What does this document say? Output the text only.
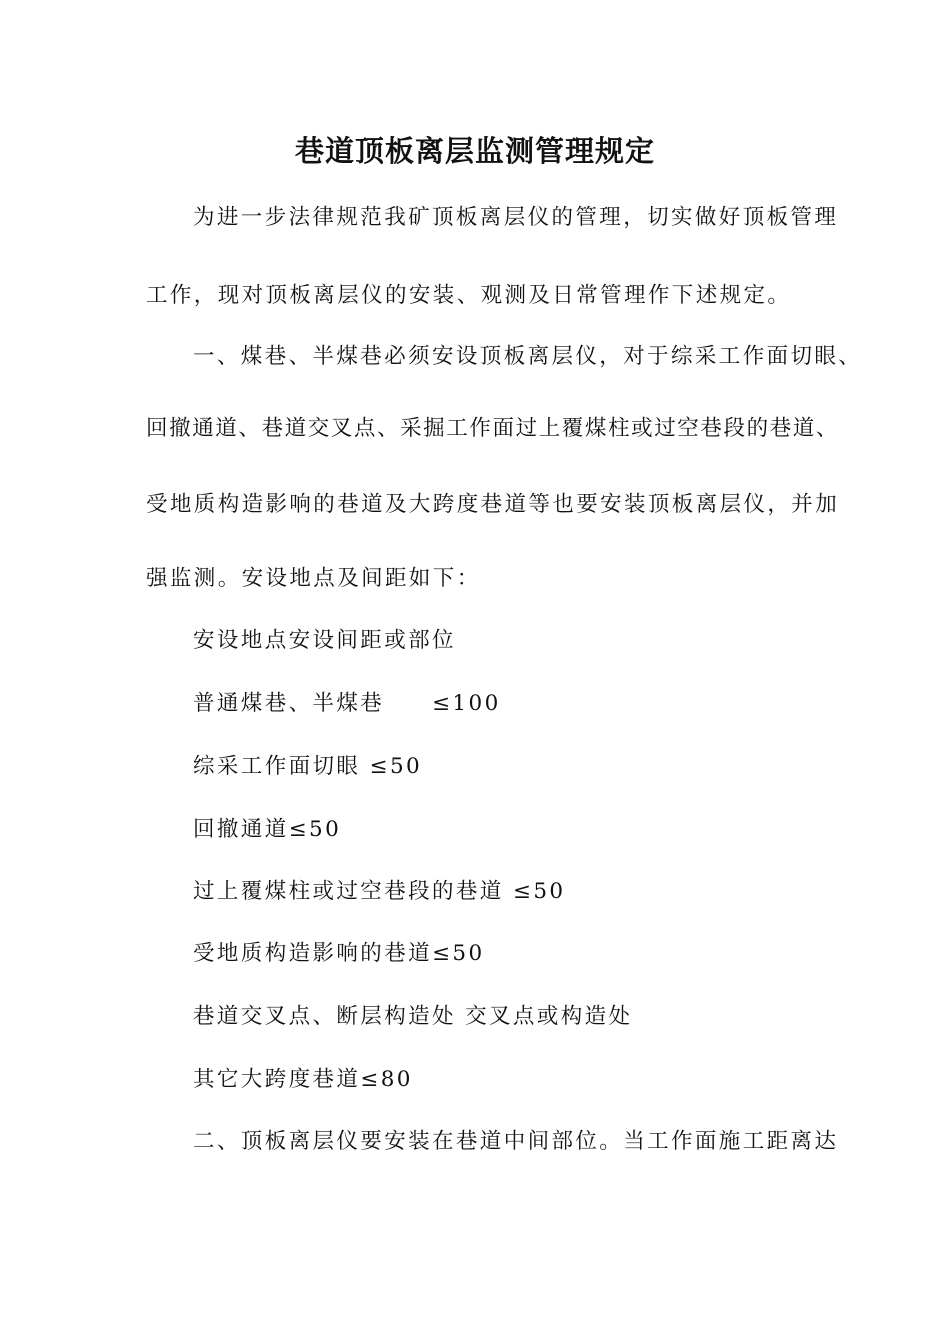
巷道顶板离层监测管理规定
为进一步法律规范我矿顶板离层仪的管理，切实做好顶板管理
工作，现对顶板离层仪的安装、观测及日常管理作下述规定。
一、煤巷、半煤巷必须安设顶板离层仪，对于综采工作面切眼、
回撤通道、巷道交叉点、采掘工作面过上覆煤柱或过空巷段的巷道、
受地质构造影响的巷道及大跨度巷道等也要安装顶板离层仪，并加
强监测。安设地点及间距如下：
安设地点安设间距或部位
普通煤巷、半煤巷　　≤100
综采工作面切眼 ≤50
回撤通道≤50
过上覆煤柱或过空巷段的巷道 ≤50
受地质构造影响的巷道≤50
巷道交叉点、断层构造处 交叉点或构造处
其它大跨度巷道≤80
二、顶板离层仪要安装在巷道中间部位。当工作面施工距离达
